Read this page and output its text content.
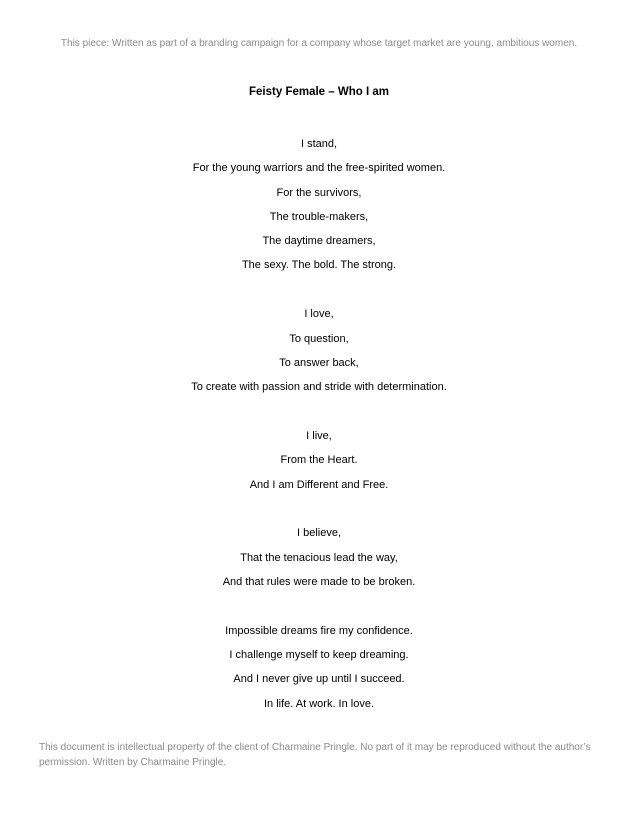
This piece: Written as part of a branding campaign for a company whose target market are young, ambitious women.
Feisty Female – Who I am
I stand,
For the young warriors and the free-spirited women.
For the survivors,
The trouble-makers,
The daytime dreamers,
The sexy. The bold. The strong.
I love,
To question,
To answer back,
To create with passion and stride with determination.
I live,
From the Heart.
And I am Different and Free.
I believe,
That the tenacious lead the way,
And that rules were made to be broken.
Impossible dreams fire my confidence.
I challenge myself to keep dreaming.
And I never give up until I succeed.
In life. At work. In love.
This document is intellectual property of the client of Charmaine Pringle. No part of it may be reproduced without the author’s permission. Written by Charmaine Pringle.
